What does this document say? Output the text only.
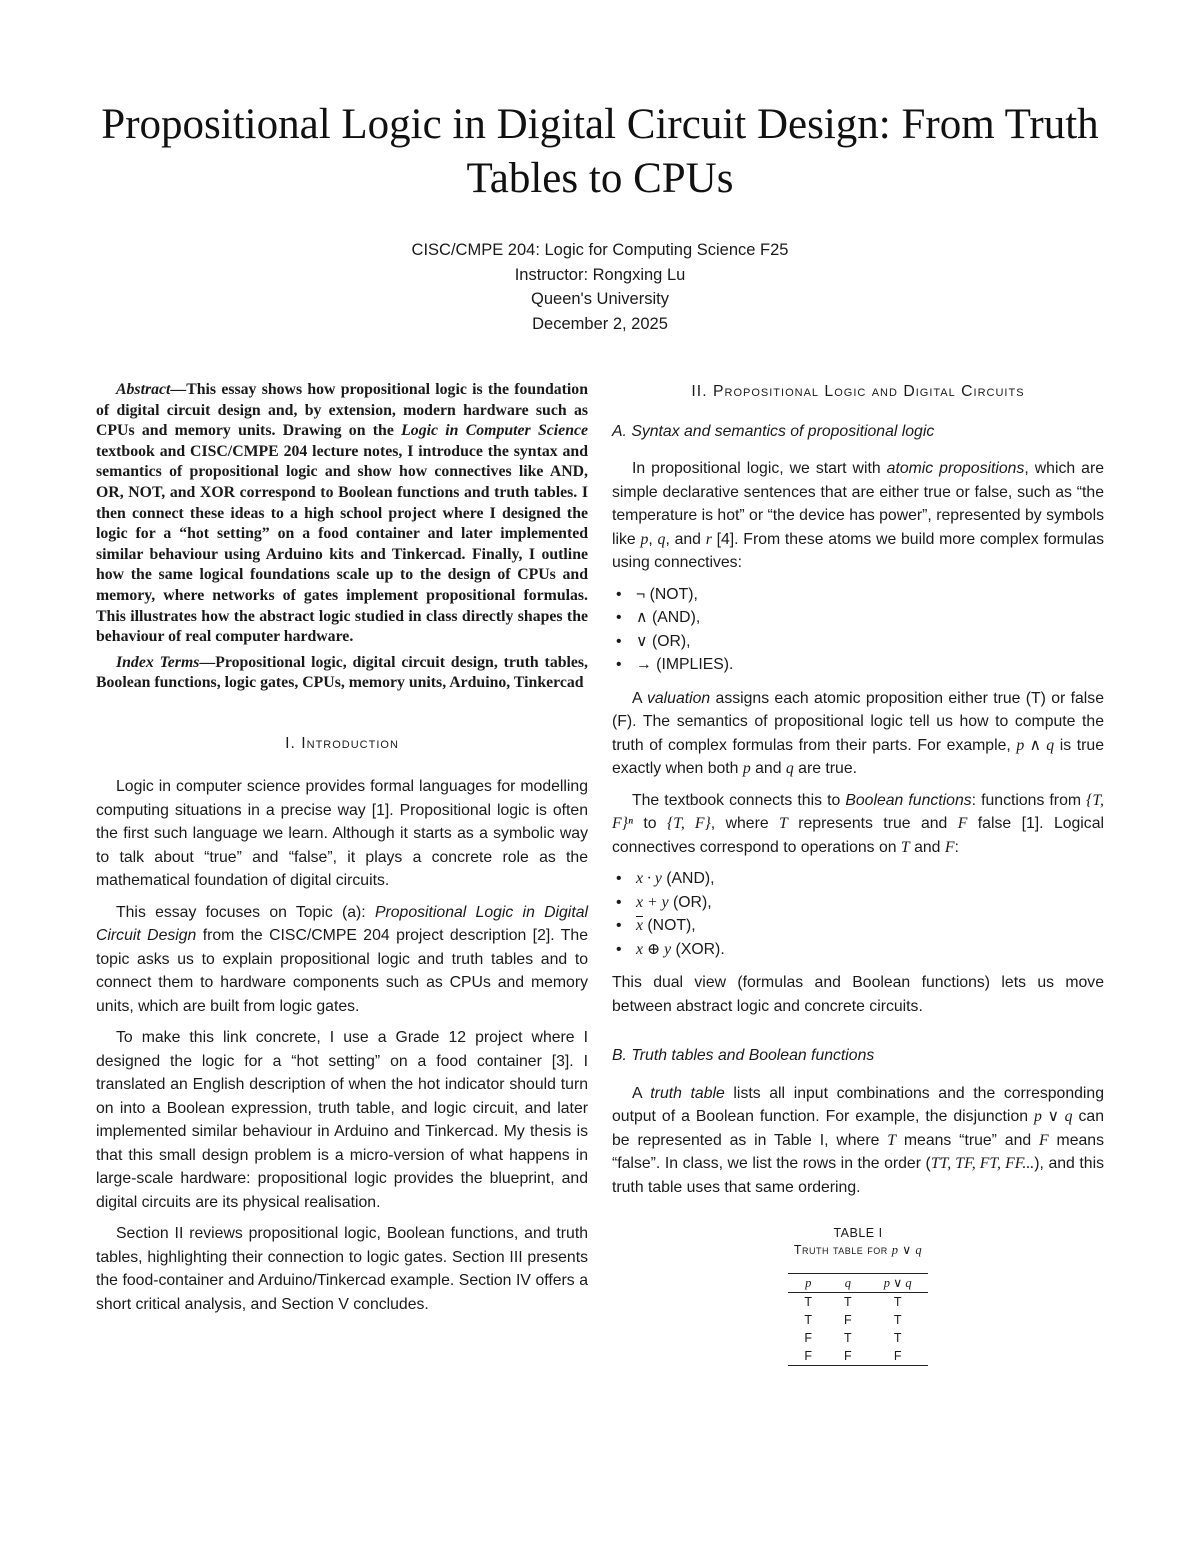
Propositional Logic in Digital Circuit Design: From Truth Tables to CPUs
CISC/CMPE 204: Logic for Computing Science F25
Instructor: Rongxing Lu
Queen's University
December 2, 2025

Abstract—This essay shows how propositional logic is the foundation of digital circuit design and, by extension, modern hardware such as CPUs and memory units. Drawing on the Logic in Computer Science textbook and CISC/CMPE 204 lecture notes, I introduce the syntax and semantics of propositional logic and show how connectives like AND, OR, NOT, and XOR correspond to Boolean functions and truth tables. I then connect these ideas to a high school project where I designed the logic for a “hot setting” on a food container and later implemented similar behaviour using Arduino kits and Tinkercad. Finally, I outline how the same logical foundations scale up to the design of CPUs and memory, where networks of gates implement propositional formulas. This illustrates how the abstract logic studied in class directly shapes the behaviour of real computer hardware.

Index Terms—Propositional logic, digital circuit design, truth tables, Boolean functions, logic gates, CPUs, memory units, Arduino, Tinkercad

I. Introduction

Logic in computer science provides formal languages for modelling computing situations in a precise way [1]. Propositional logic is often the first such language we learn. Although it starts as a symbolic way to talk about “true” and “false”, it plays a concrete role as the mathematical foundation of digital circuits.

This essay focuses on Topic (a): Propositional Logic in Digital Circuit Design from the CISC/CMPE 204 project description [2]. The topic asks us to explain propositional logic and truth tables and to connect them to hardware components such as CPUs and memory units, which are built from logic gates.

To make this link concrete, I use a Grade 12 project where I designed the logic for a “hot setting” on a food container [3]. I translated an English description of when the hot indicator should turn on into a Boolean expression, truth table, and logic circuit, and later implemented similar behaviour in Arduino and Tinkercad. My thesis is that this small design problem is a micro-version of what happens in large-scale hardware: propositional logic provides the blueprint, and digital circuits are its physical realisation.

Section II reviews propositional logic, Boolean functions, and truth tables, highlighting their connection to logic gates. Section III presents the food-container and Arduino/Tinkercad example. Section IV offers a short critical analysis, and Section V concludes.

II. Propositional Logic and Digital Circuits
A. Syntax and semantics of propositional logic

In propositional logic, we start with atomic propositions, which are simple declarative sentences that are either true or false, such as “the temperature is hot” or “the device has power”, represented by symbols like p, q, and r [4]. From these atoms we build more complex formulas using connectives:

• ¬ (NOT),
• ∧ (AND),
• ∨ (OR),
• → (IMPLIES).

A valuation assigns each atomic proposition either true (T) or false (F). The semantics of propositional logic tell us how to compute the truth of complex formulas from their parts. For example, p ∧ q is true exactly when both p and q are true.

The textbook connects this to Boolean functions: functions from {T, F}ⁿ to {T, F}, where T represents true and F false [1]. Logical connectives correspond to operations on T and F:

• x · y (AND),
• x + y (OR),
• $\overline{x}$ (NOT),
• x ⊕ y (XOR).

This dual view (formulas and Boolean functions) lets us move between abstract logic and concrete circuits.

B. Truth tables and Boolean functions

A truth table lists all input combinations and the corresponding output of a Boolean function. For example, the disjunction p ∨ q can be represented as in Table I, where T means “true” and F means “false”. In class, we list the rows in the order (TT, TF, FT, FF...), and this truth table uses that same ordering.

TABLE I
Truth table for p ∨ q
p	q	p ∨ q
T	T	T
T	F	T
F	T	T
F	F	F
